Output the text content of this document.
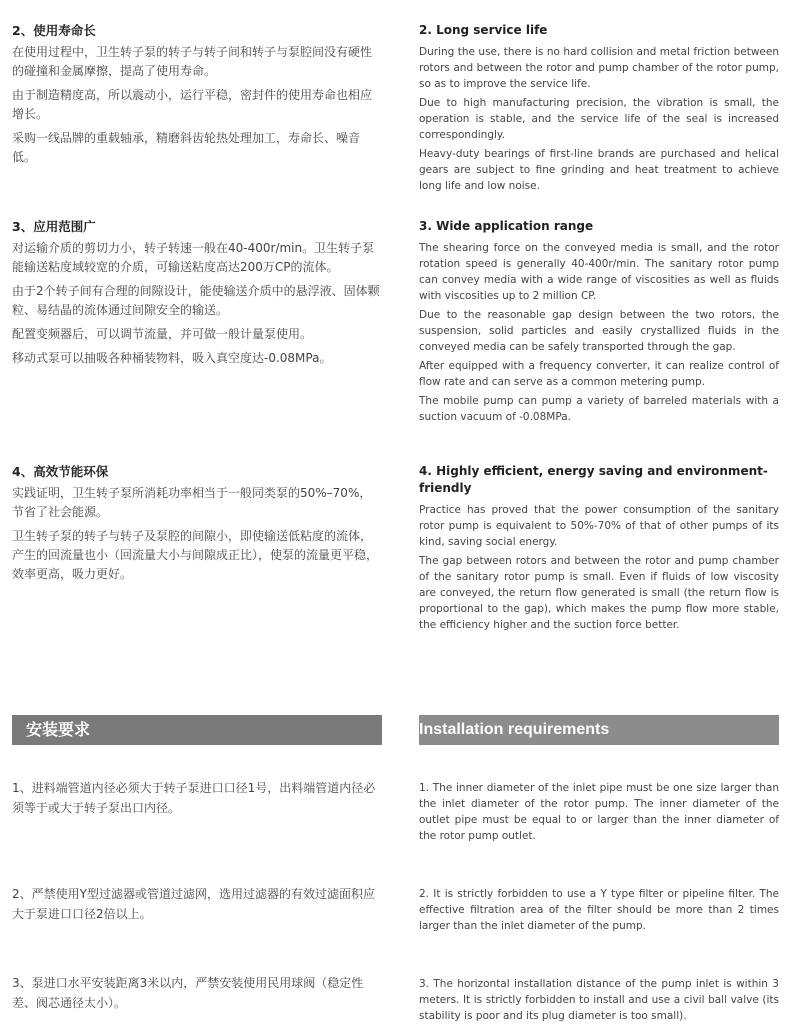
2、使用寿命长

在使用过程中，卫生转子泵的转子与转子间和转子与泵腔间没有硬性的碰撞和金属摩擦，提高了使用寿命。

由于制造精度高，所以震动小，运行平稳，密封件的使用寿命也相应增长。

采购一线品牌的重载轴承，精磨斜齿轮热处理加工，寿命长、噪音低。

2. Long service life

During the use, there is no hard collision and metal friction between rotors and between the rotor and pump chamber of the rotor pump, so as to improve the service life.

Due to high manufacturing precision, the vibration is small, the operation is stable, and the service life of the seal is increased correspondingly.

Heavy-duty bearings of first-line brands are purchased and helical gears are subject to fine grinding and heat treatment to achieve long life and low noise.

3、应用范围广

对运输介质的剪切力小，转子转速一般在40-400r/min。卫生转子泵能输送粘度域较宽的介质，可输送粘度高达200万CP的流体。

由于2个转子间有合理的间隙设计，能使输送介质中的悬浮液、固体颗粒、易结晶的流体通过间隙安全的输送。

配置变频器后，可以调节流量，并可做一般计量泵使用。

移动式泵可以抽吸各种桶装物料，吸入真空度达-0.08MPa。

3. Wide application range

The shearing force on the conveyed media is small, and the rotor rotation speed is generally 40-400r/min. The sanitary rotor pump can convey media with a wide range of viscosities as well as fluids with viscosities up to 2 million CP.

Due to the reasonable gap design between the two rotors, the suspension, solid particles and easily crystallized fluids in the conveyed media can be safely transported through the gap.

After equipped with a frequency converter, it can realize control of flow rate and can serve as a common metering pump.

The mobile pump can pump a variety of barreled materials with a suction vacuum of -0.08MPa.

4、高效节能环保

实践证明，卫生转子泵所消耗功率相当于一般同类泵的50%–70%，节省了社会能源。

卫生转子泵的转子与转子及泵腔的间隙小，即使输送低粘度的流体，产生的回流量也小（回流量大小与间隙成正比），使泵的流量更平稳，效率更高，吸力更好。

4. Highly efficient, energy saving and environment-friendly

Practice has proved that the power consumption of the sanitary rotor pump is equivalent to 50%-70% of that of other pumps of its kind, saving social energy.

The gap between rotors and between the rotor and pump chamber of the sanitary rotor pump is small. Even if fluids of low viscosity are conveyed, the return flow generated is small (the return flow is proportional to the gap), which makes the pump flow more stable, the efficiency higher and the suction force better.

安装要求	Installation requirements

1、进料端管道内径必须大于转子泵进口口径1号，出料端管道内径必须等于或大于转子泵出口内径。

1. The inner diameter of the inlet pipe must be one size larger than the inlet diameter of the rotor pump. The inner diameter of the outlet pipe must be equal to or larger than the inner diameter of the rotor pump outlet.

2、严禁使用Y型过滤器或管道过滤网，选用过滤器的有效过滤面积应大于泵进口口径2倍以上。

2. It is strictly forbidden to use a Y type filter or pipeline filter. The effective filtration area of the filter should be more than 2 times larger than the inlet diameter of the pump.

3、泵进口水平安装距离3米以内，严禁安装使用民用球阀（稳定性差、阀芯通径太小）。

3. The horizontal installation distance of the pump inlet is within 3 meters. It is strictly forbidden to install and use a civil ball valve (its stability is poor and its plug diameter is too small).
